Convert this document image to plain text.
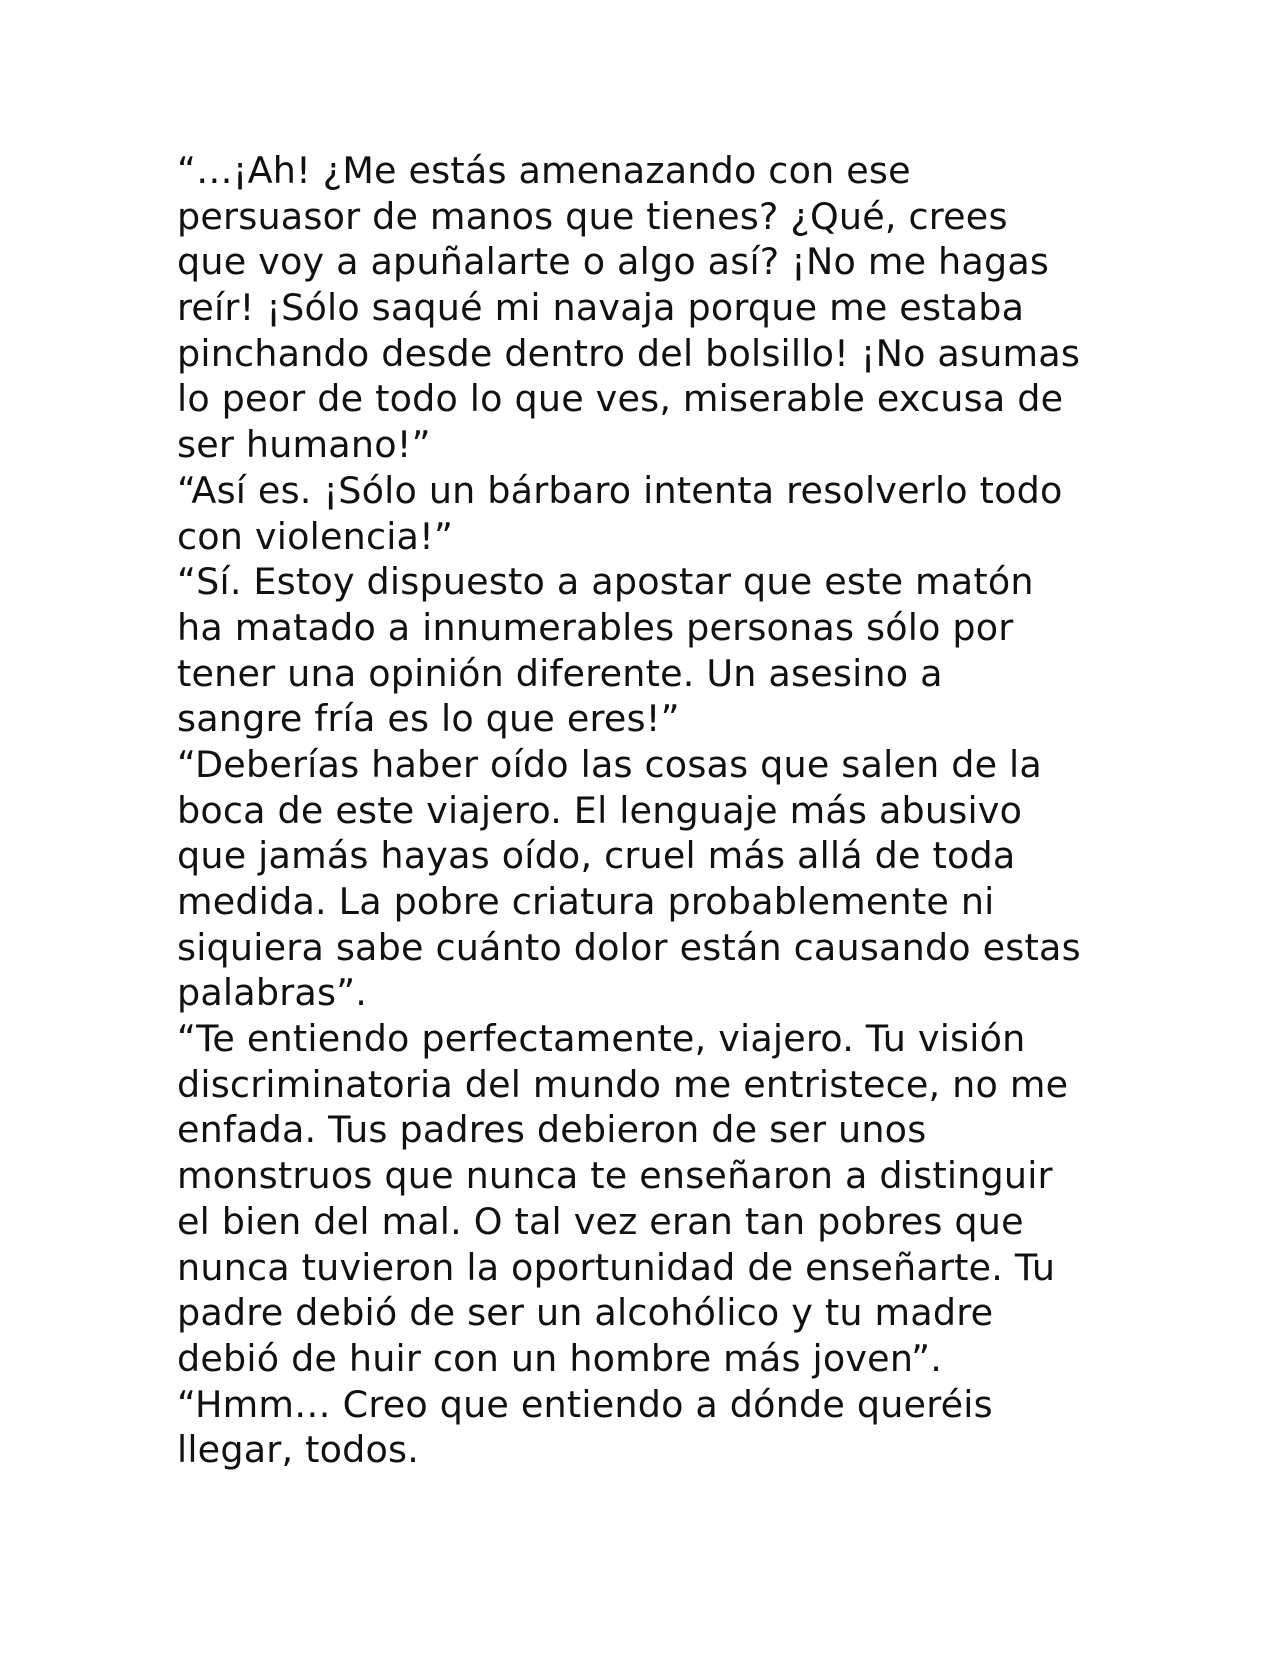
“…¡Ah! ¿Me estás amenazando con ese
persuasor de manos que tienes? ¿Qué, crees
que voy a apuñalarte o algo así? ¡No me hagas
reír! ¡Sólo saqué mi navaja porque me estaba
pinchando desde dentro del bolsillo! ¡No asumas
lo peor de todo lo que ves, miserable excusa de
ser humano!”
“Así es. ¡Sólo un bárbaro intenta resolverlo todo
con violencia!”
“Sí. Estoy dispuesto a apostar que este matón
ha matado a innumerables personas sólo por
tener una opinión diferente. Un asesino a
sangre fría es lo que eres!”
“Deberías haber oído las cosas que salen de la
boca de este viajero. El lenguaje más abusivo
que jamás hayas oído, cruel más allá de toda
medida. La pobre criatura probablemente ni
siquiera sabe cuánto dolor están causando estas
palabras”.
“Te entiendo perfectamente, viajero. Tu visión
discriminatoria del mundo me entristece, no me
enfada. Tus padres debieron de ser unos
monstruos que nunca te enseñaron a distinguir
el bien del mal. O tal vez eran tan pobres que
nunca tuvieron la oportunidad de enseñarte. Tu
padre debió de ser un alcohólico y tu madre
debió de huir con un hombre más joven”.
“Hmm… Creo que entiendo a dónde queréis
llegar, todos.
